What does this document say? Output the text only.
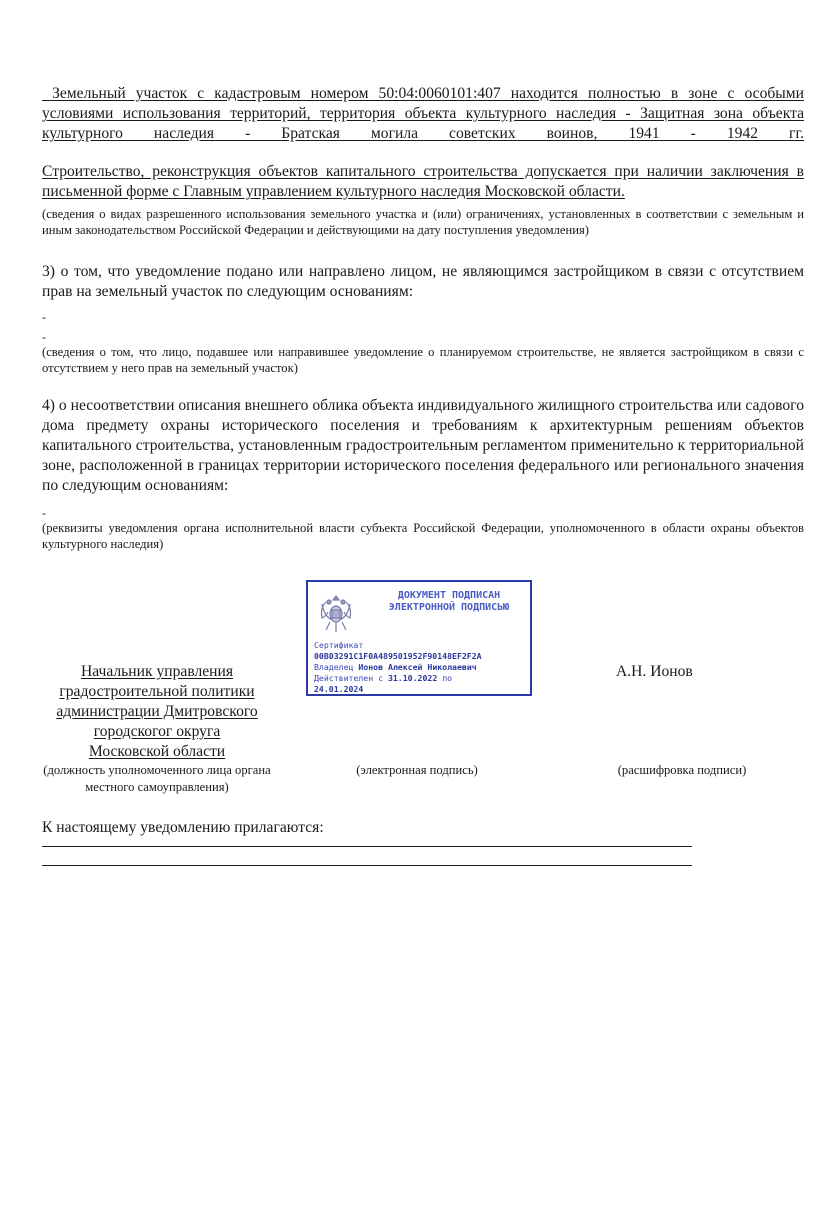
Земельный участок с кадастровым номером 50:04:0060101:407 находится полностью в зоне с особыми условиями использования территорий, территория объекта культурного наследия - Защитная зона объекта культурного наследия - Братская могила советских воинов, 1941 - 1942 гг.

Строительство, реконструкция объектов капитального строительства допускается при наличии заключения в письменной форме с Главным управлением культурного наследия Московской области.

(сведения о видах разрешенного использования земельного участка и (или) ограничениях, установленных в соответствии с земельным и иным законодательством Российской Федерации и действующими на дату поступления уведомления)

3) о том, что уведомление подано или направлено лицом, не являющимся застройщиком в связи с отсутствием прав на земельный участок по следующим основаниям:

-

-

(сведения о том, что лицо, подавшее или направившее уведомление о планируемом строительстве, не является застройщиком в связи с отсутствием у него прав на земельный участок)

4) о несоответствии описания внешнего облика объекта индивидуального жилищного строительства или садового дома предмету охраны исторического поселения и требованиям к архитектурным решениям объектов капитального строительства, установленным градостроительным регламентом применительно к территориальной зоне, расположенной в границах территории исторического поселения федерального или регионального значения по следующим основаниям:

-

(реквизиты уведомления органа исполнительной власти субъекта Российской Федерации, уполномоченного в области охраны объектов культурного наследия)

ДОКУМЕНТ ПОДПИСАН ЭЛЕКТРОННОЙ ПОДПИСЬЮ
Сертификат
00B03291C1F0A489501952F90148EF2F2A
Владелец Ионов Алексей Николаевич
Действителен с 31.10.2022 по
24.01.2024
Начальник управления
градостроительной политики
администрации Дмитровского
городскогог округа
Московской области
(должность уполномоченного лица органа местного самоуправления)
(электронная подпись)
А.Н. Ионов
(расшифровка подписи)
К настоящему уведомлению прилагаются:
